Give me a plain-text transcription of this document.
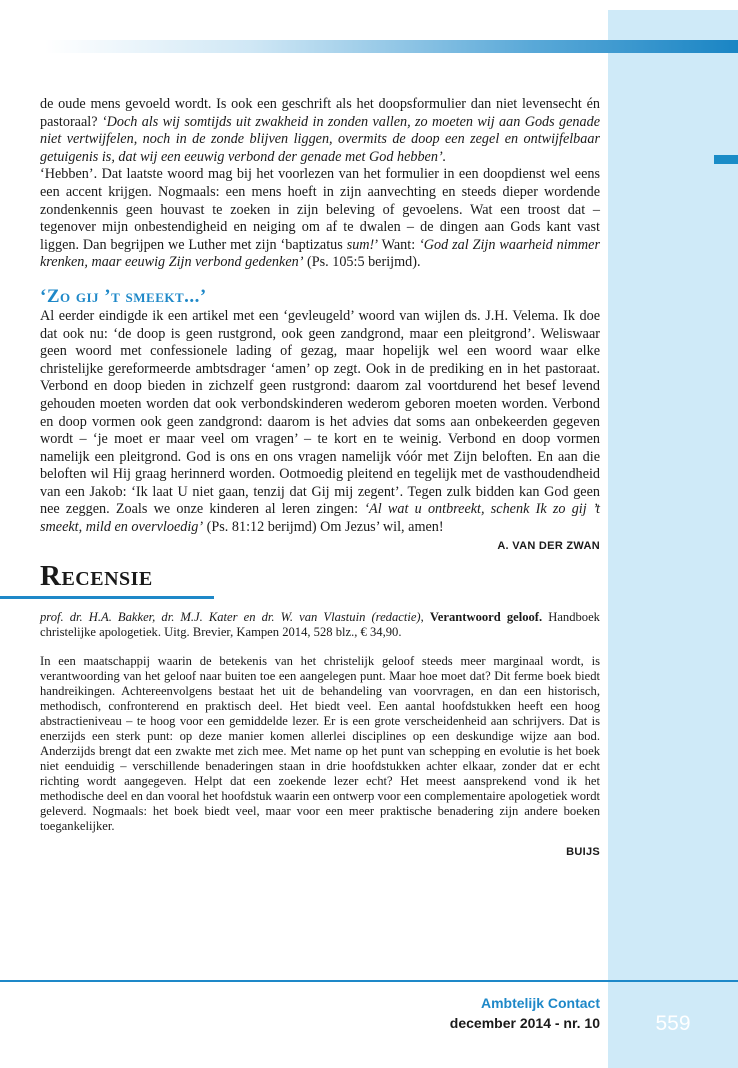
de oude mens gevoeld wordt. Is ook een geschrift als het doopsformulier dan niet levensecht én pastoraal? ‘Doch als wij somtijds uit zwakheid in zonden vallen, zo moeten wij aan Gods genade niet vertwijfelen, noch in de zonde blijven liggen, overmits de doop een zegel en ontwijfelbaar getuigenis is, dat wij een eeuwig verbond der genade met God hebben’.

‘Hebben’. Dat laatste woord mag bij het voorlezen van het formulier in een doopdienst wel eens een accent krijgen. Nogmaals: een mens hoeft in zijn aanvechting en steeds dieper wordende zondenkennis geen houvast te zoeken in zijn beleving of gevoelens. Wat een troost dat – tegenover mijn onbestendigheid en neiging om af te dwalen – de dingen aan Gods kant vast liggen. Dan begrijpen we Luther met zijn ‘baptizatus sum!’ Want: ‘God zal Zijn waarheid nimmer krenken, maar eeuwig Zijn verbond gedenken’ (Ps. 105:5 berijmd).

‘Zo gij ’t smeekt...’

Al eerder eindigde ik een artikel met een ‘gevleugeld’ woord van wijlen ds. J.H. Velema. Ik doe dat ook nu: ‘de doop is geen rustgrond, ook geen zandgrond, maar een pleitgrond’. Weliswaar geen woord met confessionele lading of gezag, maar hopelijk wel een woord waar elke christelijke gereformeerde ambtsdrager ‘amen’ op zegt. Ook in de prediking en in het pastoraat. Verbond en doop bieden in zichzelf geen rustgrond: daarom zal voortdurend het besef levend gehouden moeten worden dat ook verbondskinderen wederom geboren moeten worden. Verbond en doop vormen ook geen zandgrond: daarom is het advies dat soms aan onbekeerden gegeven wordt – ‘je moet er maar veel om vragen’ – te kort en te weinig. Verbond en doop vormen namelijk een pleitgrond. God is ons en ons vragen namelijk vóór met Zijn beloften. En aan die beloften wil Hij graag herinnerd worden. Ootmoedig pleitend en tegelijk met de vasthoudendheid van een Jakob: ‘Ik laat U niet gaan, tenzij dat Gij mij zegent’. Tegen zulk bidden kan God geen nee zeggen. Zoals we onze kinderen al leren zingen: ‘Al wat u ontbreekt, schenk Ik zo gij ’t smeekt, mild en overvloedig’ (Ps. 81:12 berijmd) Om Jezus’ wil, amen!

A. VAN DER ZWAN
Recensie

prof. dr. H.A. Bakker, dr. M.J. Kater en dr. W. van Vlastuin (redactie), Verantwoord geloof. Handboek christelijke apologetiek. Uitg. Brevier, Kampen 2014, 528 blz., € 34,90.

In een maatschappij waarin de betekenis van het christelijk geloof steeds meer marginaal wordt, is verantwoording van het geloof naar buiten toe een aangelegen punt. Maar hoe moet dat? Dit ferme boek biedt handreikingen. Achtereenvolgens bestaat het uit de behandeling van voorvragen, en dan een historisch, methodisch, confronterend en praktisch deel. Het biedt veel. Een aantal hoofdstukken heeft een hoog abstractieniveau – te hoog voor een gemiddelde lezer. Er is een grote verscheidenheid aan schrijvers. Dat is enerzijds een sterk punt: op deze manier komen allerlei disciplines op een deskundige wijze aan bod. Anderzijds brengt dat een zwakte met zich mee. Met name op het punt van schepping en evolutie is het boek niet eenduidig – verschillende benaderingen staan in drie hoofdstukken achter elkaar, zonder dat er echt richting wordt aangegeven. Helpt dat een zoekende lezer echt? Het meest aansprekend vond ik het methodische deel en dan vooral het hoofdstuk waarin een ontwerp voor een complementaire apologetiek wordt geleverd. Nogmaals: het boek biedt veel, maar voor een meer praktische benadering zijn andere boeken toegankelijker.

BUIJS
Ambtelijk Contact
december 2014 - nr. 10	559
